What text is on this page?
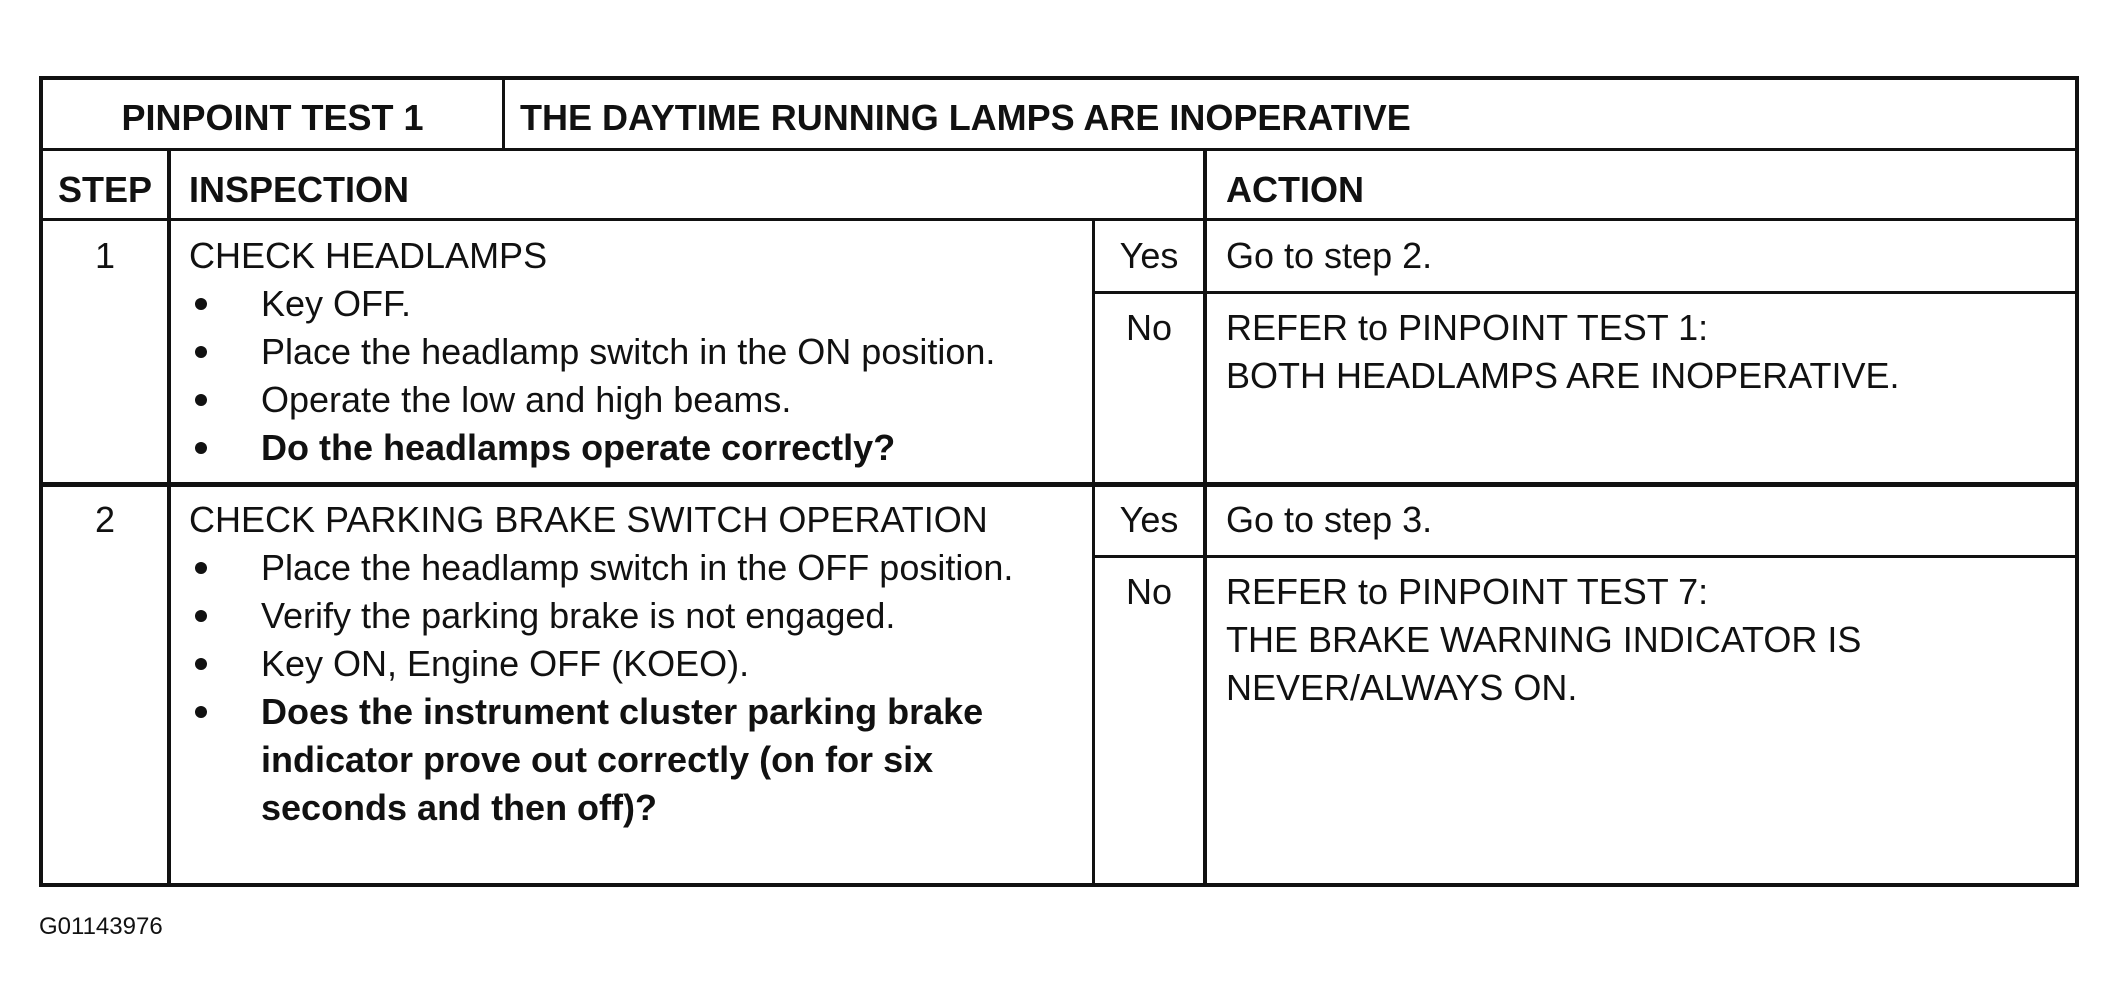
PINPOINT TEST 1	THE DAYTIME RUNNING LAMPS ARE INOPERATIVE
STEP	INSPECTION	ACTION
1	CHECK HEADLAMPS
Key OFF.
Place the headlamp switch in the ON position.
Operate the low and high beams.
Do the headlamps operate correctly?
Yes	Go to step 2.
No	REFER to PINPOINT TEST 1:
BOTH HEADLAMPS ARE INOPERATIVE.
2	CHECK PARKING BRAKE SWITCH OPERATION
Place the headlamp switch in the OFF position.
Verify the parking brake is not engaged.
Key ON, Engine OFF (KOEO).
Does the instrument cluster parking brake indicator prove out correctly (on for six seconds and then off)?
Yes	Go to step 3.
No	REFER to PINPOINT TEST 7:
THE BRAKE WARNING INDICATOR IS
NEVER/ALWAYS ON.
G01143976
